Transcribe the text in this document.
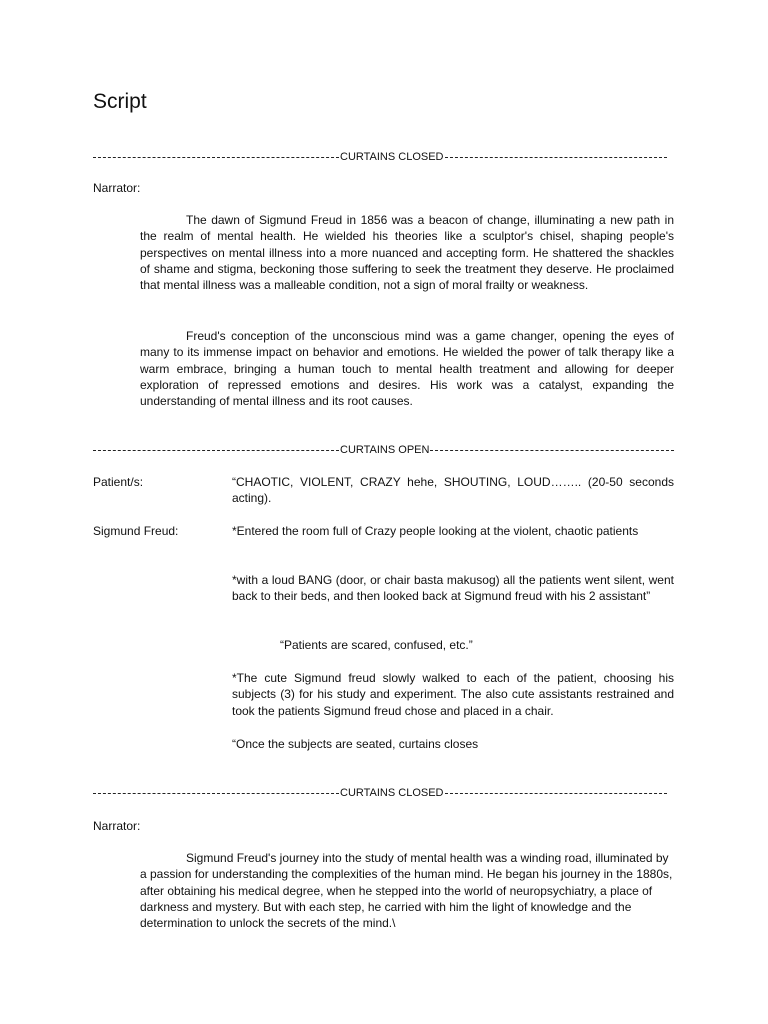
Script
CURTAINS CLOSED
Narrator:

The dawn of Sigmund Freud in 1856 was a beacon of change, illuminating a new path in the realm of mental health. He wielded his theories like a sculptor's chisel, shaping people's perspectives on mental illness into a more nuanced and accepting form. He shattered the shackles of shame and stigma, beckoning those suffering to seek the treatment they deserve. He proclaimed that mental illness was a malleable condition, not a sign of moral frailty or weakness.

Freud's conception of the unconscious mind was a game changer, opening the eyes of many to its immense impact on behavior and emotions. He wielded the power of talk therapy like a warm embrace, bringing a human touch to mental health treatment and allowing for deeper exploration of repressed emotions and desires. His work was a catalyst, expanding the understanding of mental illness and its root causes.

CURTAINS OPEN
Patient/s:	“CHAOTIC, VIOLENT, CRAZY hehe, SHOUTING, LOUD…….. (20-50 seconds acting).

Sigmund Freud:	*Entered the room full of Crazy people looking at the violent, chaotic patients

*with a loud BANG (door, or chair basta makusog) all the patients went silent, went back to their beds, and then looked back at Sigmund freud with his 2 assistant”

“Patients are scared, confused, etc.”

*The cute Sigmund freud slowly walked to each of the patient, choosing his subjects (3) for his study and experiment. The also cute assistants restrained and took the patients Sigmund freud chose and placed in a chair.

“Once the subjects are seated, curtains closes

CURTAINS CLOSED
Narrator:

Sigmund Freud's journey into the study of mental health was a winding road, illuminated by a passion for understanding the complexities of the human mind. He began his journey in the 1880s, after obtaining his medical degree, when he stepped into the world of neuropsychiatry, a place of darkness and mystery. But with each step, he carried with him the light of knowledge and the determination to unlock the secrets of the mind.\
